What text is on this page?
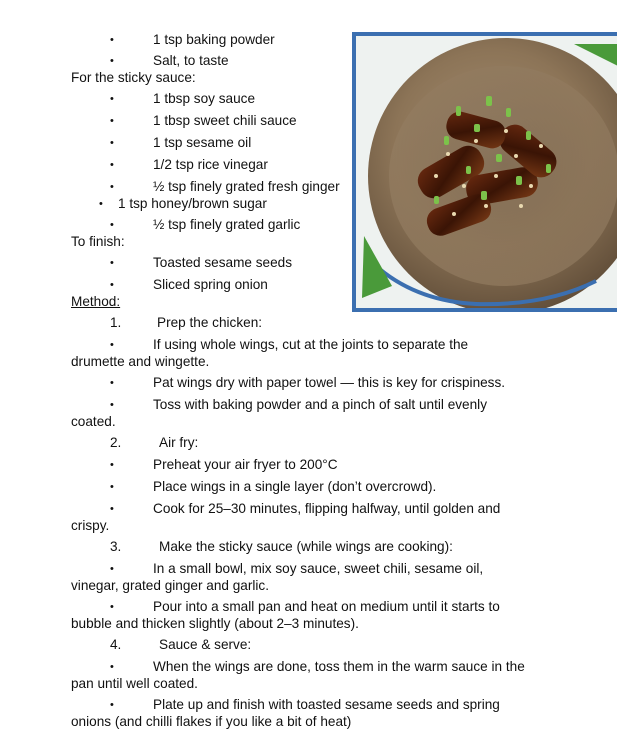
•	1 tsp baking powder
•	Salt, to taste
For the sticky sauce:
•	1 tbsp soy sauce
•	1 tbsp sweet chili sauce
•	1 tsp sesame oil
•	1/2 tsp rice vinegar
•	½ tsp finely grated fresh ginger
• 1 tsp honey/brown sugar
•	½ tsp finely grated garlic
To finish:
•	Toasted sesame seeds
•	Sliced spring onion
Method:
1.	Prep the chicken:
•	If using whole wings, cut at the joints to separate the
drumette and wingette.
•	Pat wings dry with paper towel — this is key for crispiness.
•	Toss with baking powder and a pinch of salt until evenly
coated.
2.	Air fry:
•	Preheat your air fryer to 200°C
•	Place wings in a single layer (don’t overcrowd).
•	Cook for 25–30 minutes, flipping halfway, until golden and
crispy.
3.	Make the sticky sauce (while wings are cooking):
•	In a small bowl, mix soy sauce, sweet chili, sesame oil,
vinegar, grated ginger and garlic.
•	Pour into a small pan and heat on medium until it starts to
bubble and thicken slightly (about 2–3 minutes).
4.	Sauce & serve:
•	When the wings are done, toss them in the warm sauce in the
pan until well coated.
•	Plate up and finish with toasted sesame seeds and spring
onions (and chilli flakes if you like a bit of heat)
